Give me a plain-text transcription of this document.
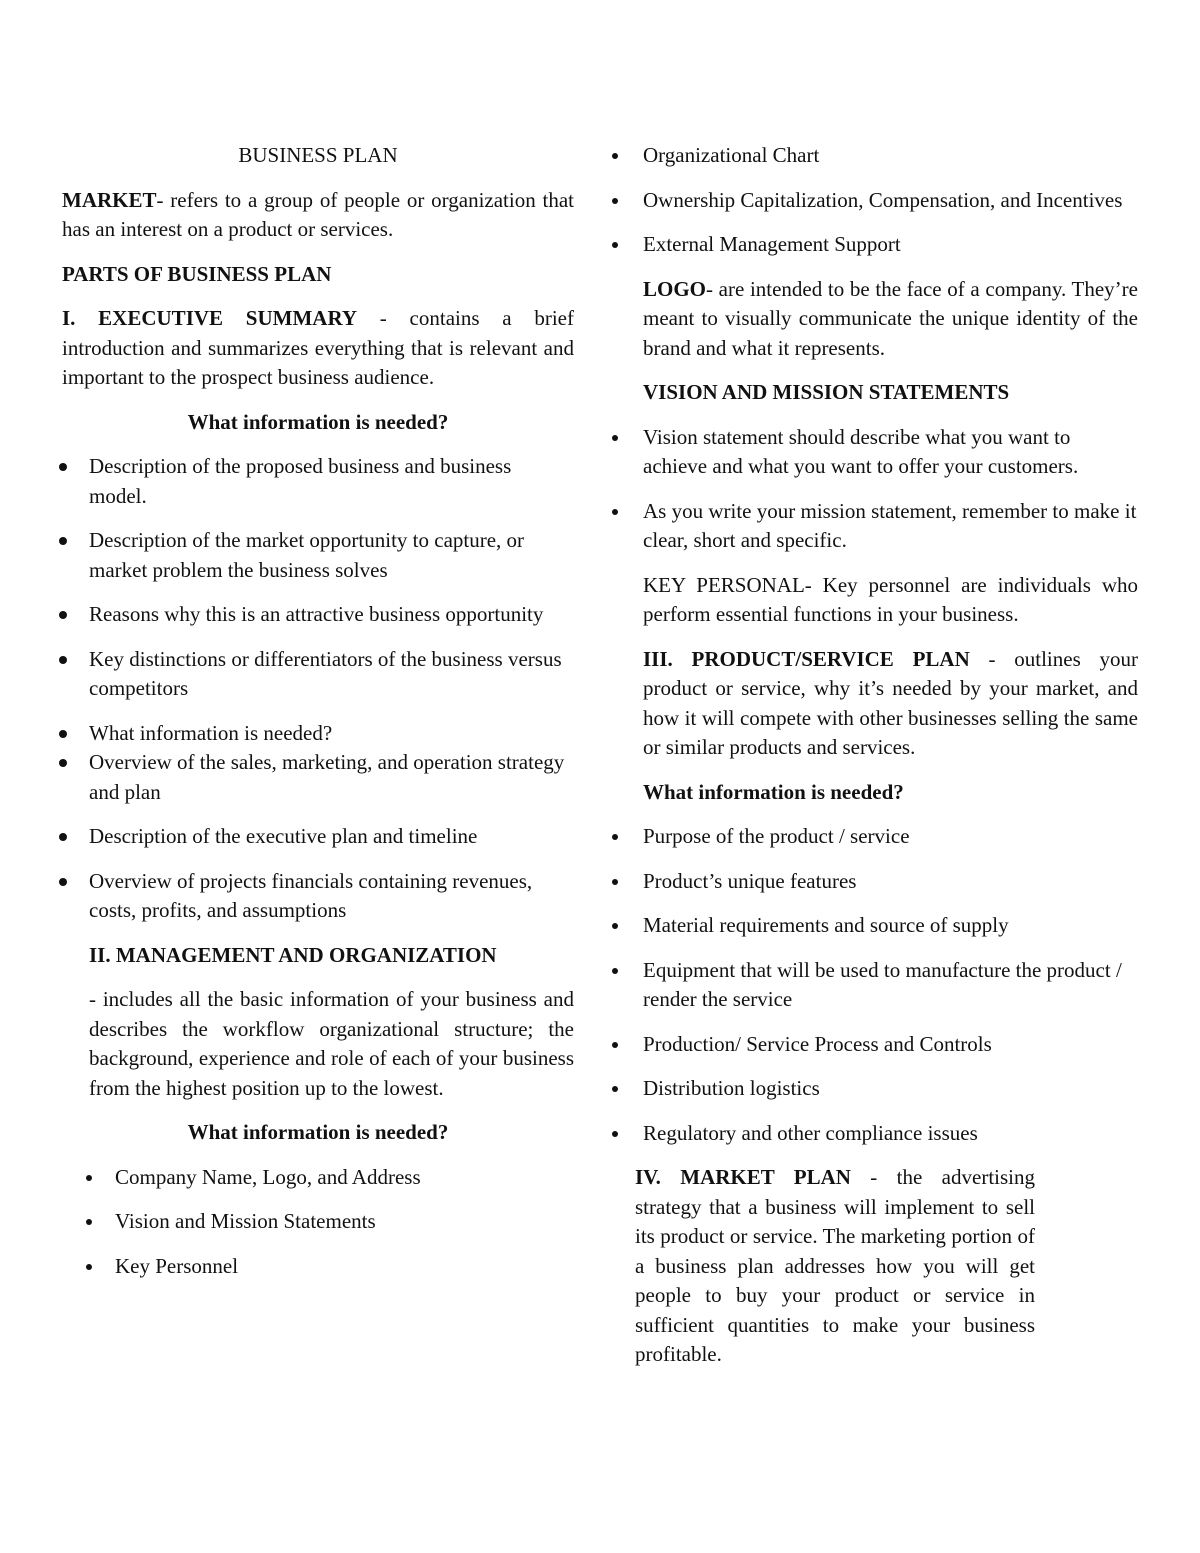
BUSINESS PLAN

MARKET- refers to a group of people or organization that has an interest on a product or services.

PARTS OF BUSINESS PLAN

I. EXECUTIVE SUMMARY - contains a brief introduction and summarizes everything that is relevant and important to the prospect business audience.

What information is needed?

Description of the proposed business and business model.
Description of the market opportunity to capture, or market problem the business solves
Reasons why this is an attractive business opportunity
Key distinctions or differentiators of the business versus competitors
What information is needed?
Overview of the sales, marketing, and operation strategy and plan
Description of the executive plan and timeline
Overview of projects financials containing revenues, costs, profits, and assumptions

II. MANAGEMENT AND ORGANIZATION

- includes all the basic information of your business and describes the workflow organizational structure; the background, experience and role of each of your business from the highest position up to the lowest.

What information is needed?

Company Name, Logo, and Address
Vision and Mission Statements
Key Personnel
Organizational Chart
Ownership Capitalization, Compensation, and Incentives
External Management Support

LOGO- are intended to be the face of a company. They’re meant to visually communicate the unique identity of the brand and what it represents.

VISION AND MISSION STATEMENTS

Vision statement should describe what you want to achieve and what you want to offer your customers.
As you write your mission statement, remember to make it clear, short and specific.

KEY PERSONAL- Key personnel are individuals who perform essential functions in your business.

III. PRODUCT/SERVICE PLAN - outlines your product or service, why it’s needed by your market, and how it will compete with other businesses selling the same or similar products and services.

What information is needed?

Purpose of the product / service
Product’s unique features
Material requirements and source of supply
Equipment that will be used to manufacture the product / render the service
Production/ Service Process and Controls
Distribution logistics
Regulatory and other compliance issues

IV. MARKET PLAN - the advertising strategy that a business will implement to sell its product or service. The marketing portion of a business plan addresses how you will get people to buy your product or service in sufficient quantities to make your business profitable.
